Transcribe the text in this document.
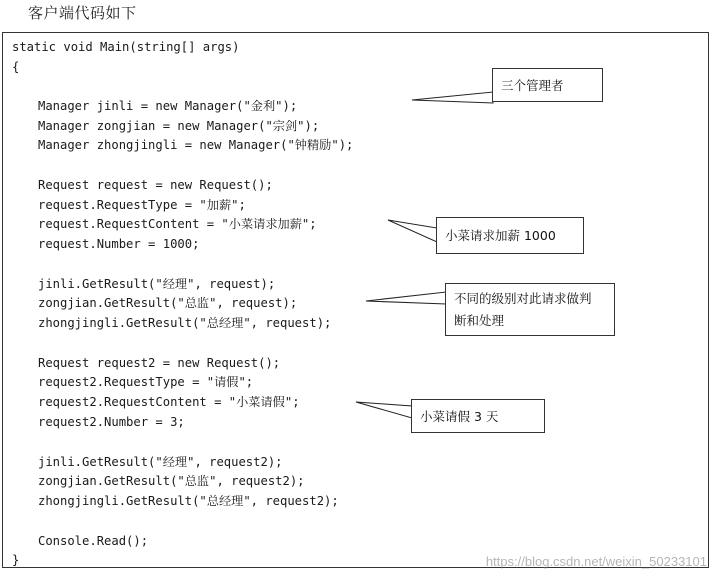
客户端代码如下
static void Main(string[] args)
{
Manager jinli = new Manager("金利");
Manager zongjian = new Manager("宗剑");
Manager zhongjingli = new Manager("钟精励");
Request request = new Request();
request.RequestType = "加薪";
request.RequestContent = "小菜请求加薪";
request.Number = 1000;
jinli.GetResult("经理", request);
zongjian.GetResult("总监", request);
zhongjingli.GetResult("总经理", request);
Request request2 = new Request();
request2.RequestType = "请假";
request2.RequestContent = "小菜请假";
request2.Number = 3;
jinli.GetResult("经理", request2);
zongjian.GetResult("总监", request2);
zhongjingli.GetResult("总经理", request2);
Console.Read();
}
三个管理者
小菜请求加薪 1000
不同的级别对此请求做判
断和处理
小菜请假 3 天
https://blog.csdn.net/weixin_50233101
